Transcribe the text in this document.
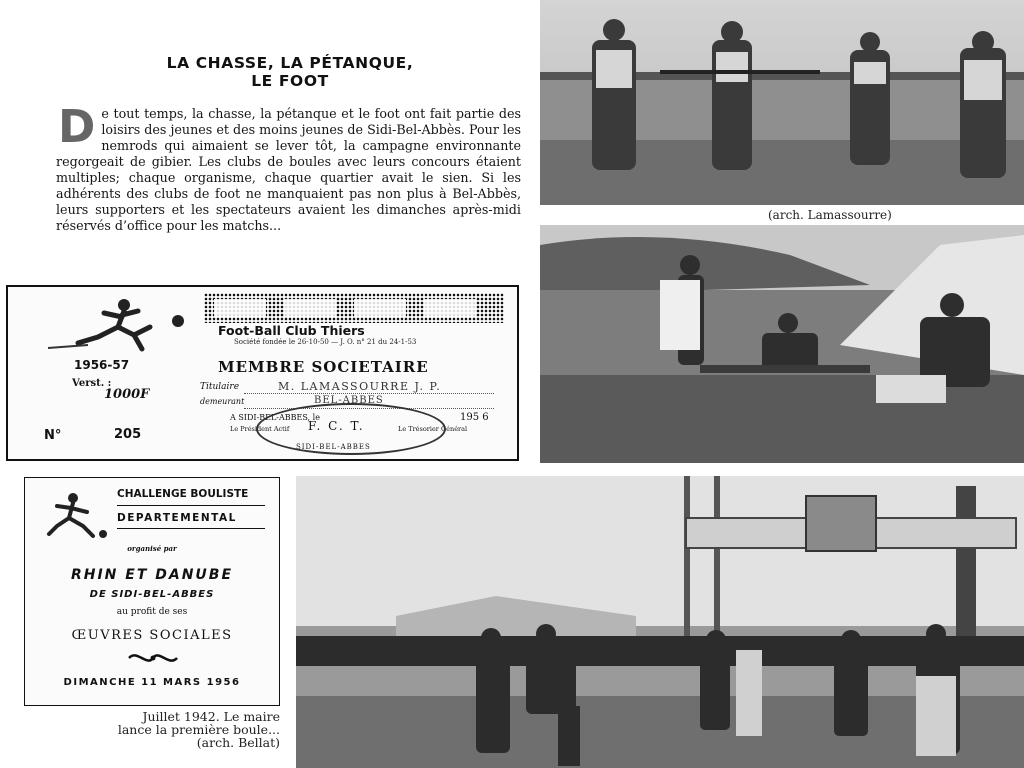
(arch. Lamassourre)
LA CHASSE, LA PÉTANQUE,
LE FOOT
D e tout temps, la chasse, la pétanque et le foot ont fait partie des loisirs des jeunes et des moins jeunes de Sidi-Bel-Abbès. Pour les nemrods qui aimaient se lever tôt, la campagne environnante regorgeait de gibier. Les clubs de boules avec leurs concours étaient multiples; chaque organisme, chaque quartier avait le sien. Si les adhérents des clubs de foot ne manquaient pas non plus à Bel-Abbès, leurs supporters et les spectateurs avaient les dimanches après-midi réservés d’office pour les matchs...
Foot-Ball Club Thiers
Société fondée le 26-10-50 — J. O. n° 21 du 24-1-53
1956-57	MEMBRE SOCIETAIRE
Verst. :
1000F	Titulaire	M. LAMASSOURRE J. P.
demeurant	BEL-ABBES
A SIDI-BEL-ABBES, le	195 6
Le Président Actif	Le Trésorier Général
F. C. T.
SIDI-BEL-ABBES
N°	205
CHALLENGE BOULISTE
DEPARTEMENTAL
organisé par
RHIN ET DANUBE
DE SIDI-BEL-ABBES
au profit de ses
ŒUVRES SOCIALES
DIMANCHE 11 MARS 1956
Juillet 1942. Le maire
lance la première boule...
(arch. Bellat)
